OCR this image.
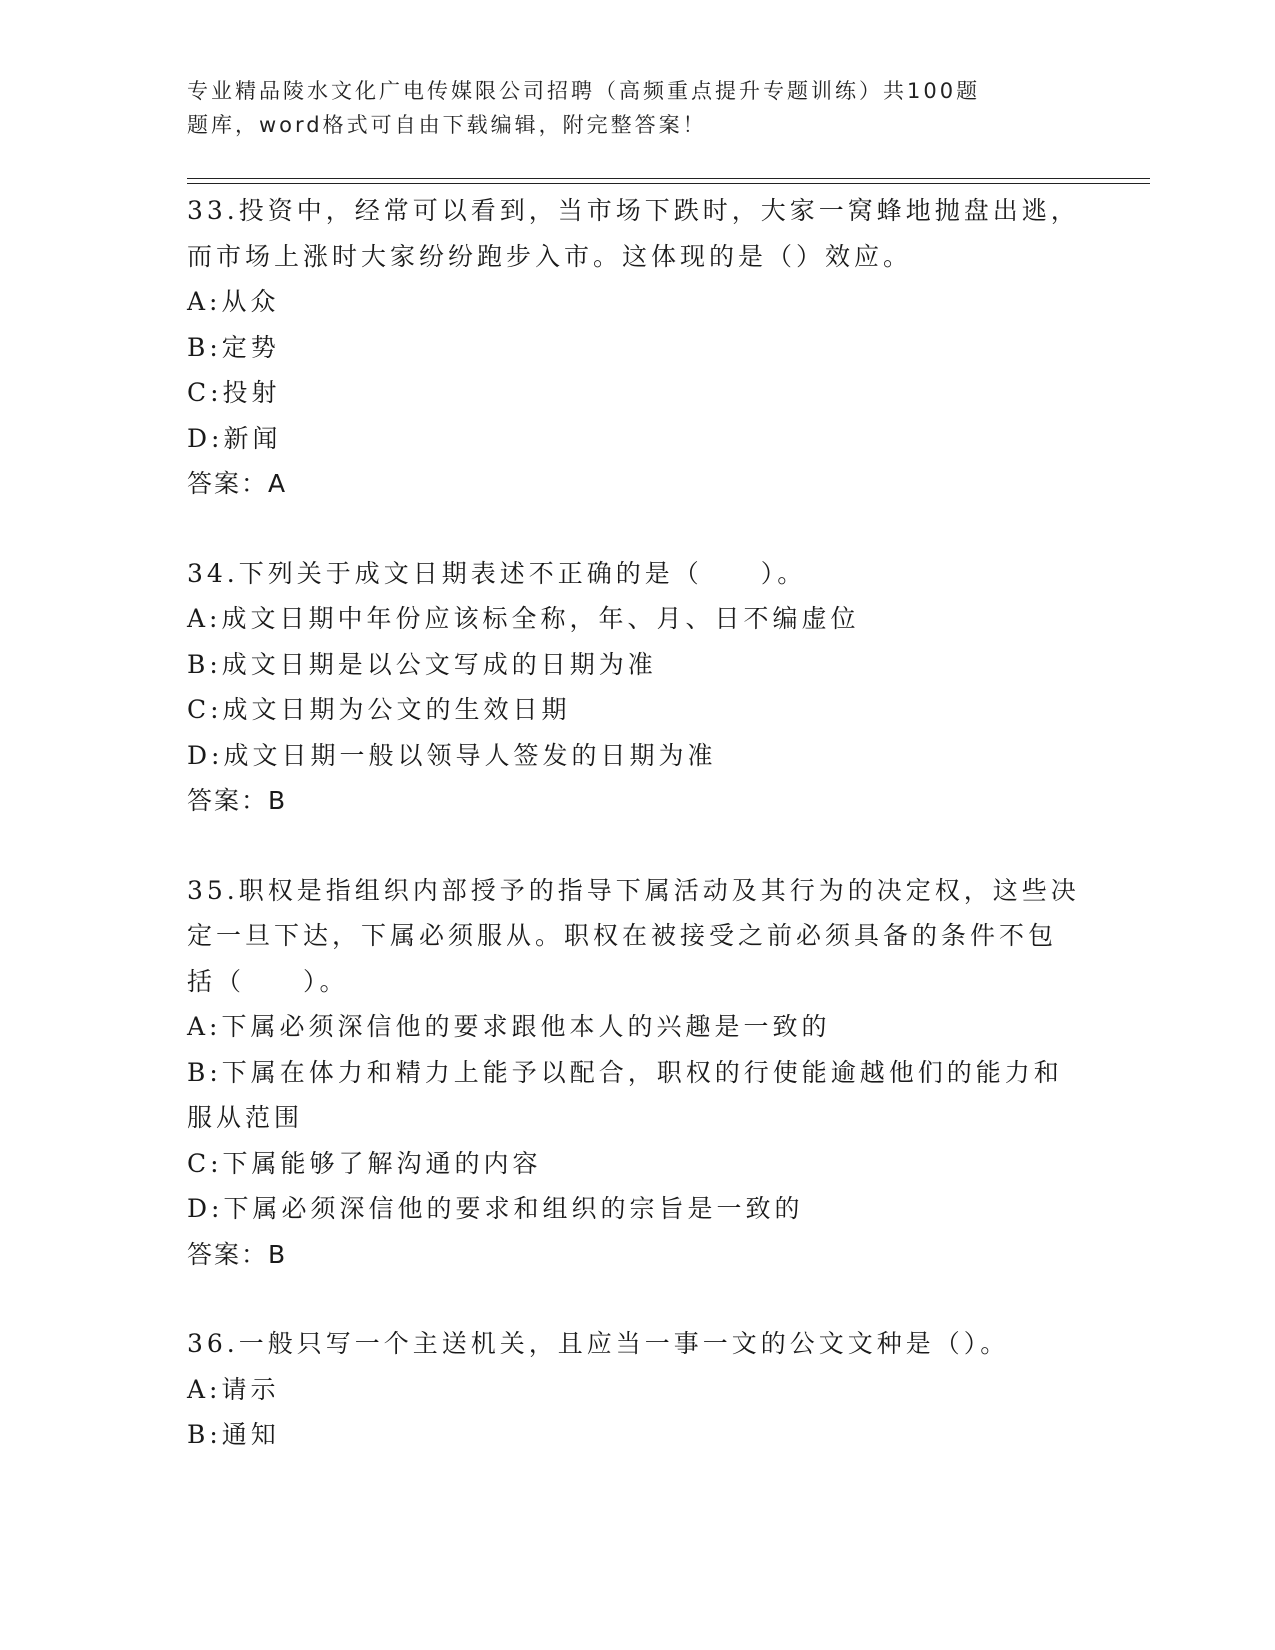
专业精品陵水文化广电传媒限公司招聘（高频重点提升专题训练）共100题
题库，word格式可自由下载编辑，附完整答案！
33.投资中，经常可以看到，当市场下跌时，大家一窝蜂地抛盘出逃，
而市场上涨时大家纷纷跑步入市。这体现的是（）效应。
A:从众
B:定势
C:投射
D:新闻
答案：A
34.下列关于成文日期表述不正确的是（　　）。
A:成文日期中年份应该标全称，年、月、日不编虚位
B:成文日期是以公文写成的日期为准
C:成文日期为公文的生效日期
D:成文日期一般以领导人签发的日期为准
答案：B
35.职权是指组织内部授予的指导下属活动及其行为的决定权，这些决
定一旦下达，下属必须服从。职权在被接受之前必须具备的条件不包
括（　　）。
A:下属必须深信他的要求跟他本人的兴趣是一致的
B:下属在体力和精力上能予以配合，职权的行使能逾越他们的能力和
服从范围
C:下属能够了解沟通的内容
D:下属必须深信他的要求和组织的宗旨是一致的
答案：B
36.一般只写一个主送机关，且应当一事一文的公文文种是（）。
A:请示
B:通知
